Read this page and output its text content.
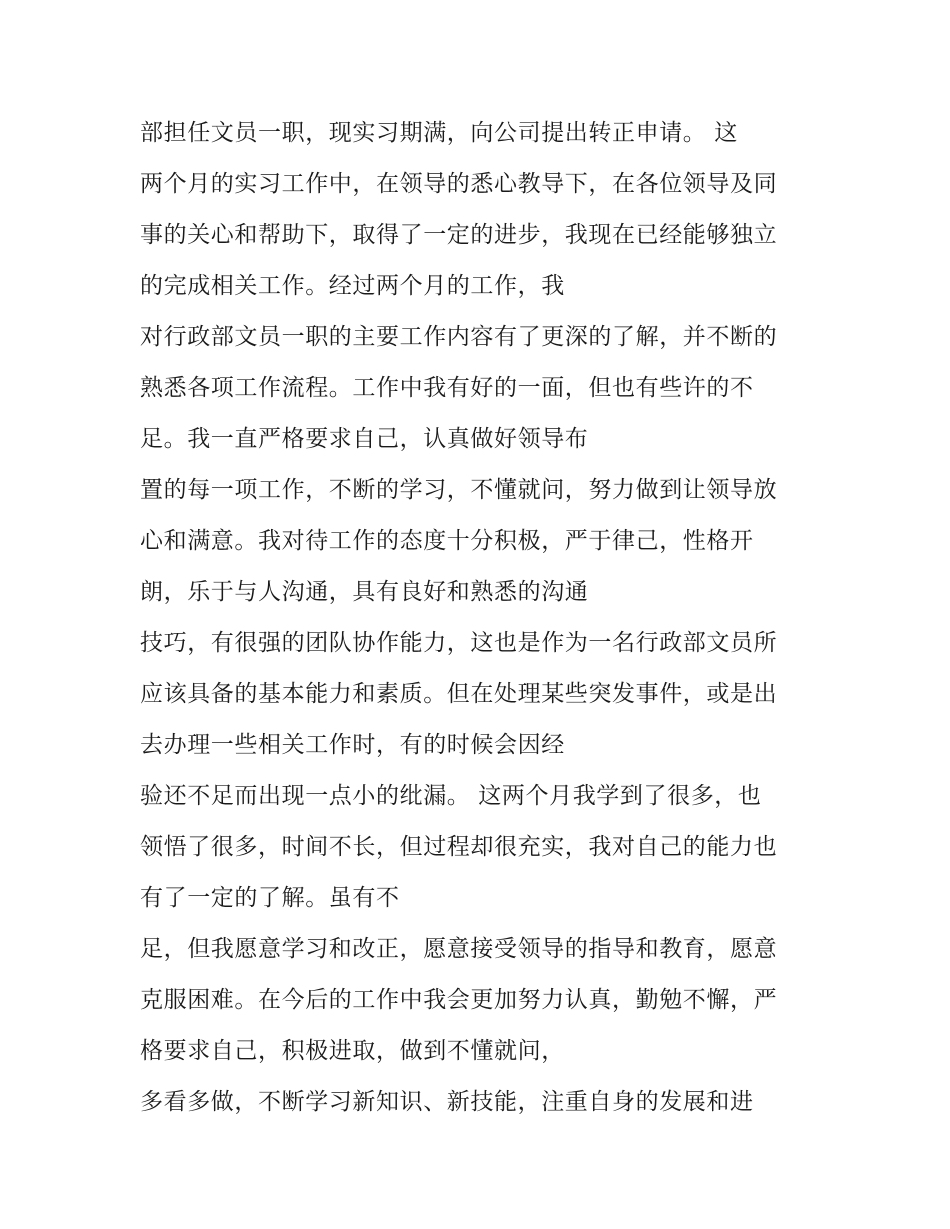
部担任文员一职，现实习期满，向公司提出转正申请。 这
两个月的实习工作中，在领导的悉心教导下，在各位领导及同
事的关心和帮助下，取得了一定的进步，我现在已经能够独立
的完成相关工作。经过两个月的工作，我
对行政部文员一职的主要工作内容有了更深的了解，并不断的
熟悉各项工作流程。工作中我有好的一面，但也有些许的不
足。我一直严格要求自己，认真做好领导布
置的每一项工作，不断的学习，不懂就问，努力做到让领导放
心和满意。我对待工作的态度十分积极，严于律己，性格开
朗，乐于与人沟通，具有良好和熟悉的沟通
技巧，有很强的团队协作能力，这也是作为一名行政部文员所
应该具备的基本能力和素质。但在处理某些突发事件，或是出
去办理一些相关工作时，有的时候会因经
验还不足而出现一点小的纰漏。 这两个月我学到了很多，也
领悟了很多，时间不长，但过程却很充实，我对自己的能力也
有了一定的了解。虽有不
足，但我愿意学习和改正，愿意接受领导的指导和教育，愿意
克服困难。在今后的工作中我会更加努力认真，勤勉不懈，严
格要求自己，积极进取，做到不懂就问，
多看多做，不断学习新知识、新技能，注重自身的发展和进
